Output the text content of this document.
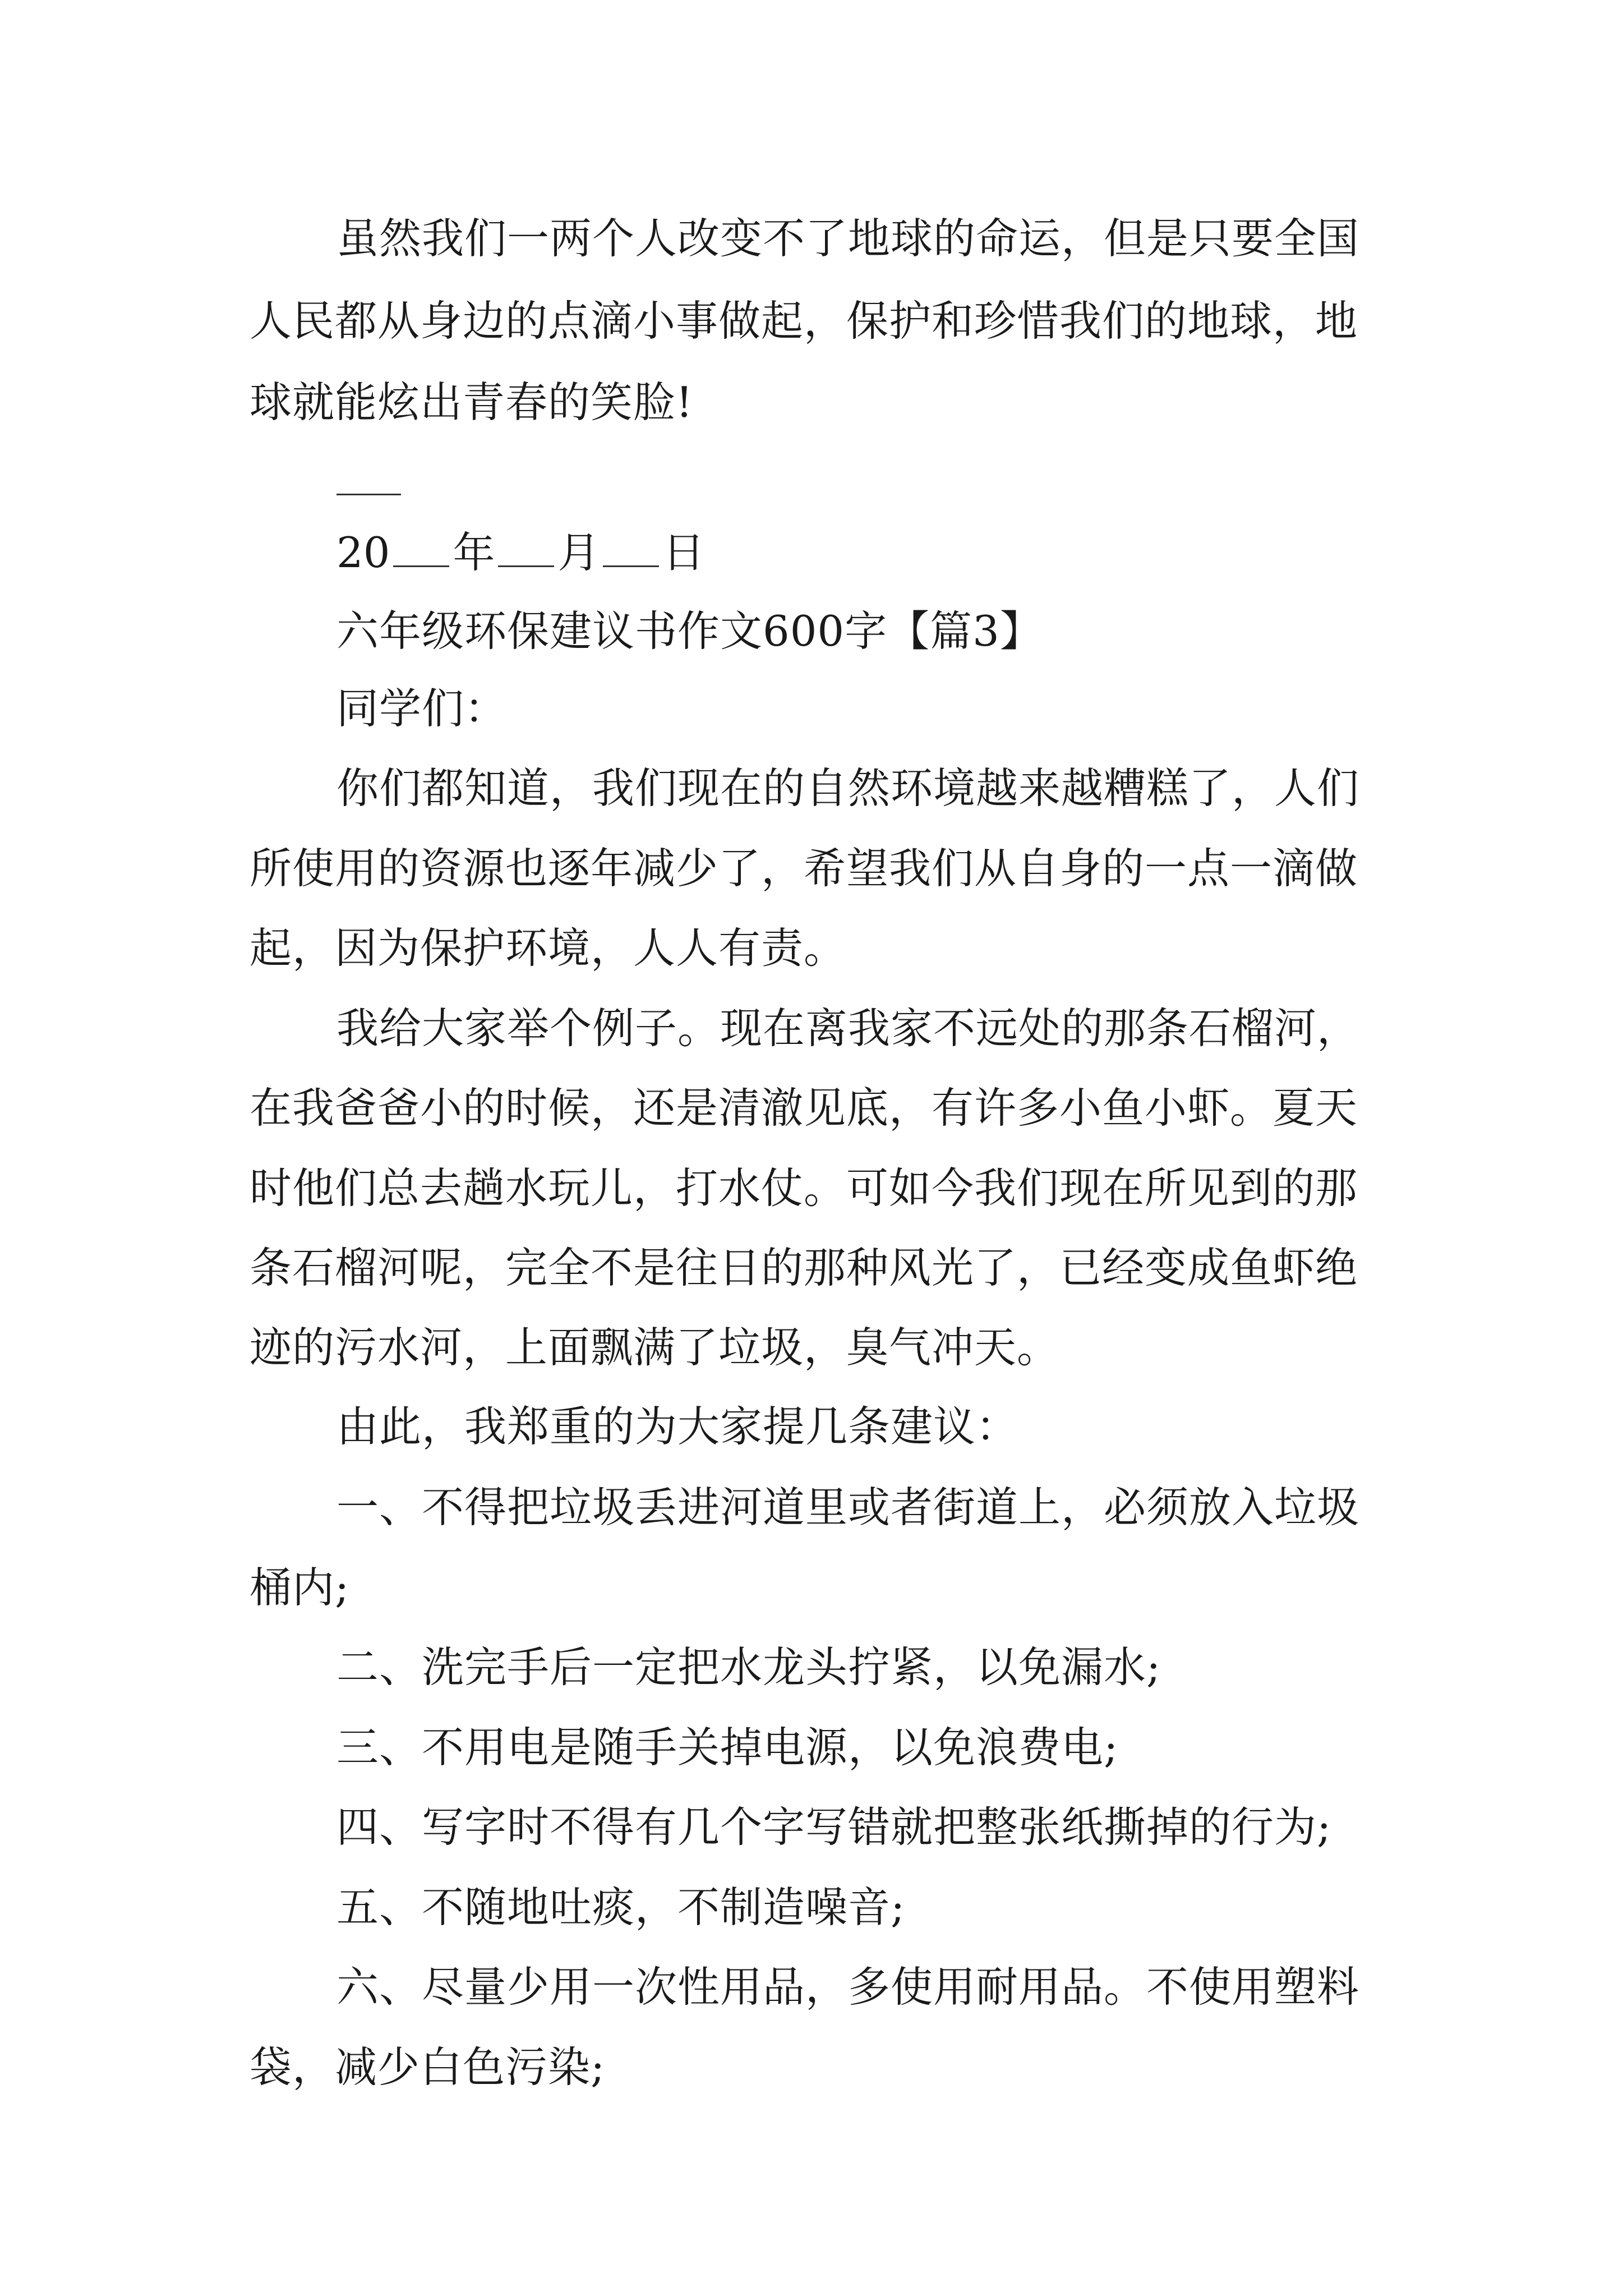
虽然我们一两个人改变不了地球的命运，但是只要全国
人民都从身边的点滴小事做起，保护和珍惜我们的地球，地
球就能炫出青春的笑脸!
20 年 月 日
六年级环保建议书作文600字【篇3】
同学们：
你们都知道，我们现在的自然环境越来越糟糕了，人们
所使用的资源也逐年减少了，希望我们从自身的一点一滴做
起，因为保护环境，人人有责。
我给大家举个例子。现在离我家不远处的那条石榴河，
在我爸爸小的时候，还是清澈见底，有许多小鱼小虾。夏天
时他们总去趟水玩儿，打水仗。可如今我们现在所见到的那
条石榴河呢，完全不是往日的那种风光了，已经变成鱼虾绝
迹的污水河，上面飘满了垃圾，臭气冲天。
由此，我郑重的为大家提几条建议：
一、不得把垃圾丢进河道里或者街道上，必须放入垃圾
桶内;
二、洗完手后一定把水龙头拧紧，以免漏水;
三、不用电是随手关掉电源，以免浪费电;
四、写字时不得有几个字写错就把整张纸撕掉的行为;
五、不随地吐痰，不制造噪音;
六、尽量少用一次性用品，多使用耐用品。不使用塑料
袋，减少白色污染;
